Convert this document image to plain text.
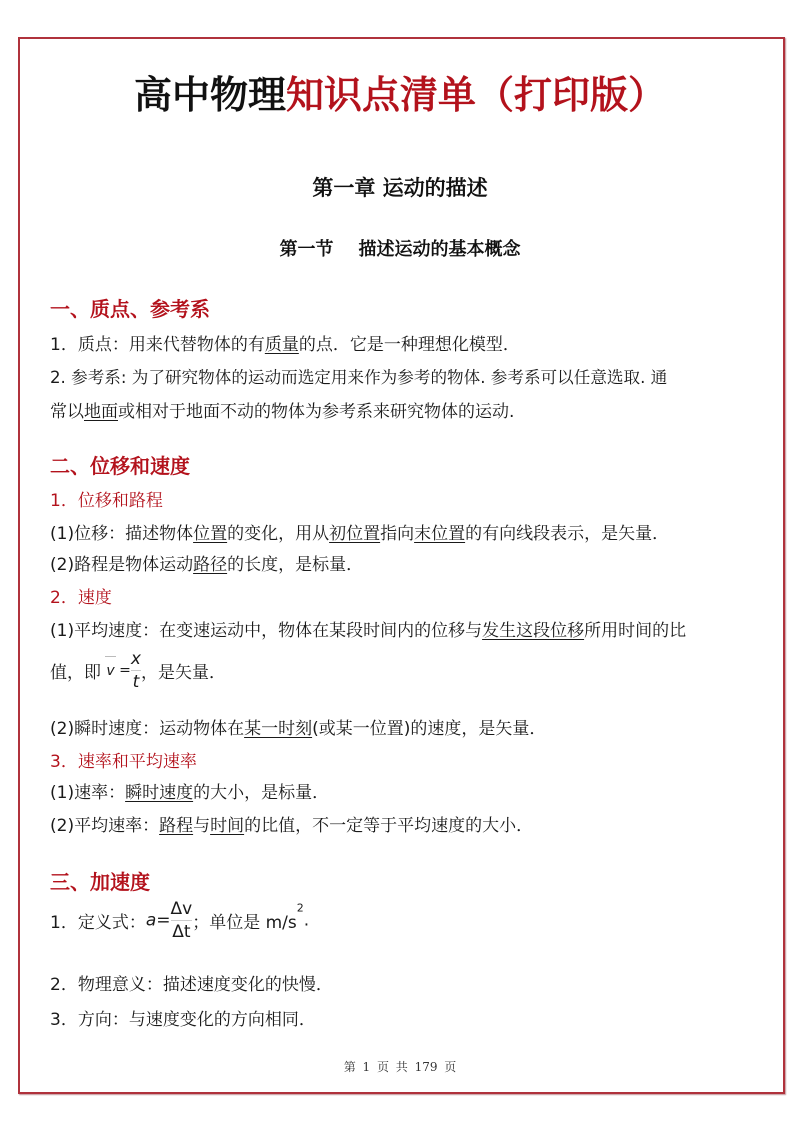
高中物理知识点清单（打印版）
第一章 运动的描述
第一节    描述运动的基本概念
一、质点、参考系
1．质点：用来代替物体的有质量的点．它是一种理想化模型．
2. 参考系: 为了研究物体的运动而选定用来作为参考的物体. 参考系可以任意选取. 通
常以地面或相对于地面不动的物体为参考系来研究物体的运动.
二、位移和速度
1．位移和路程
(1)位移：描述物体位置的变化，用从初位置指向末位置的有向线段表示，是矢量．
(2)路程是物体运动路径的长度，是标量．
2．速度
(1)平均速度：在变速运动中，物体在某段时间内的位移与发生这段位移所用时间的比
值，即 $v = \frac{x}{t}$ ，是矢量．
(2)瞬时速度：运动物体在某一时刻(或某一位置)的速度，是矢量．
3．速率和平均速率
(1)速率：瞬时速度的大小，是标量．
(2)平均速率：路程与时间的比值，不一定等于平均速度的大小．
三、加速度
1．定义式：$a= \frac{\Delta v}{\Delta t}$ ；单位是 $m/s^2$.
2．物理意义：描述速度变化的快慢．
3．方向：与速度变化的方向相同．
第 1 页 共 179 页
